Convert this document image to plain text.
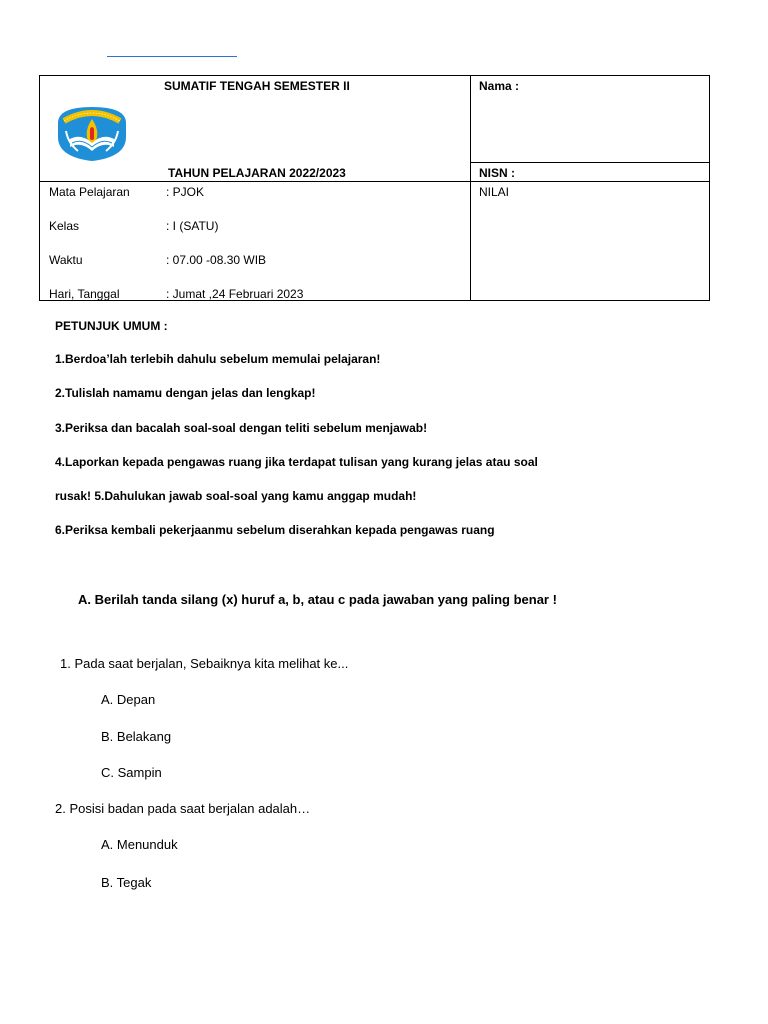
SUMATIF TENGAH SEMESTER II
TAHUN PELAJARAN 2022/2023
Nama :
NISN :
NILAI
Mata Pelajaran	: PJOK
Kelas	: I (SATU)
Waktu	: 07.00 -08.30 WIB
Hari, Tanggal	: Jumat ,24 Februari 2023
PETUNJUK UMUM :
1.Berdoa’lah terlebih dahulu sebelum memulai pelajaran!
2.Tulislah namamu dengan jelas dan lengkap!
3.Periksa dan bacalah soal-soal dengan teliti sebelum menjawab!
4.Laporkan kepada pengawas ruang jika terdapat tulisan yang kurang jelas atau soal
rusak! 5.Dahulukan jawab soal-soal yang kamu anggap mudah!
6.Periksa kembali pekerjaanmu sebelum diserahkan kepada pengawas ruang
A. Berilah tanda silang (x) huruf a, b, atau c pada jawaban yang paling benar !
1. Pada saat berjalan, Sebaiknya kita melihat ke...
A. Depan
B. Belakang
C. Sampin
2. Posisi badan pada saat berjalan adalah…
A. Menunduk
B. Tegak
